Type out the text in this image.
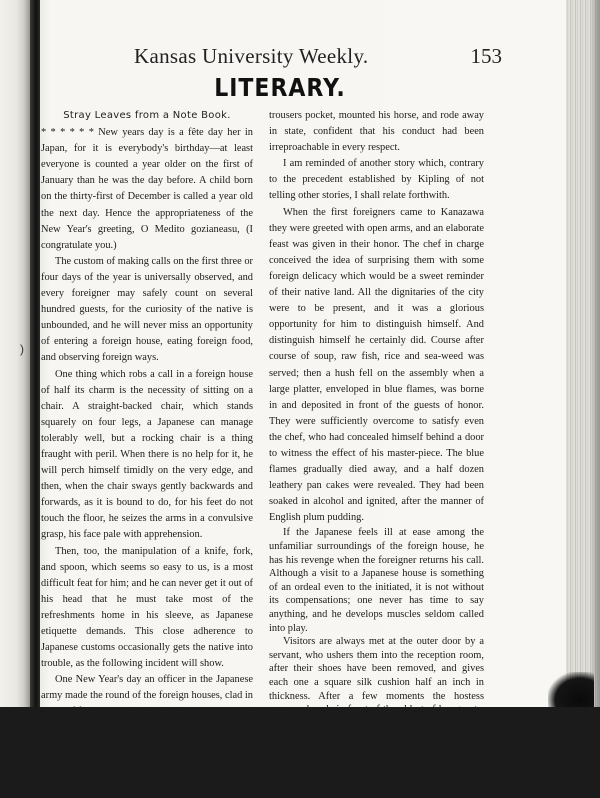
)
Kansas University Weekly.	153
LITERARY.
Stray Leaves from a Note Book.

* * * * * * New years day is a fête day her in Japan, for it is everybody's birthday—at least everyone is counted a year older on the first of January than he was the day before. A child born on the thirty-first of December is called a year old the next day. Hence the appropriateness of the New Year's greeting, O Medito gozianeasu, (I congratulate you.)

The custom of making calls on the first three or four days of the year is universally observed, and every foreigner may safely count on several hundred guests, for the curiosity of the native is unbounded, and he will never miss an opportunity of entering a foreign house, eating foreign food, and observing foreign ways.

One thing which robs a call in a foreign house of half its charm is the necessity of sitting on a chair. A straight-backed chair, which stands squarely on four legs, a Japanese can manage tolerably well, but a rocking chair is a thing fraught with peril. When there is no help for it, he will perch himself timidly on the very edge, and then, when the chair sways gently backwards and forwards, as it is bound to do, for his feet do not touch the floor, he seizes the arms in a convulsive grasp, his face pale with apprehension.

Then, too, the manipulation of a knife, fork, and spoon, which seems so easy to us, is a most difficult feat for him; and he can never get it out of his head that he must take most of the refreshments home in his sleeve, as Japanese etiquette demands. This close adherence to Japanese customs occasionally gets the native into trouble, as the following incident will show.

One New Year's day an officer in the Japanese army made the round of the foreign houses, clad in a suit of foreign clothes resplendent with gold lace and brass buttons. At one place a piece of custard pie was offered him. He accepted it with many thanks, and, after a moment's hesitation, inserted it carefully in his

trousers pocket, mounted his horse, and rode away in state, confident that his conduct had been irreproachable in every respect.

I am reminded of another story which, contrary to the precedent established by Kipling of not telling other stories, I shall relate forthwith.

When the first foreigners came to Kanazawa they were greeted with open arms, and an elaborate feast was given in their honor. The chef in charge conceived the idea of surprising them with some foreign delicacy which would be a sweet reminder of their native land. All the dignitaries of the city were to be present, and it was a glorious opportunity for him to distinguish himself. And distinguish himself he certainly did. Course after course of soup, raw fish, rice and sea-weed was served; then a hush fell on the assembly when a large platter, enveloped in blue flames, was borne in and deposited in front of the guests of honor. They were sufficiently overcome to satisfy even the chef, who had concealed himself behind a door to witness the effect of his master-piece. The blue flames gradually died away, and a half dozen leathery pan cakes were revealed. They had been soaked in alcohol and ignited, after the manner of English plum pudding.

If the Japanese feels ill at ease among the unfamiliar surroundings of the foreign house, he has his revenge when the foreigner returns his call. Although a visit to a Japanese house is something of an ordeal even to the initiated, it is not without its compensations; one never has time to say anything, and he develops muscles seldom called into play.

Visitors are always met at the outer door by a servant, who ushers them into the reception room, after their shoes have been removed, and gives each one a square silk cushion half an inch in thickness. After a few moments the hostess appears, kneels in front of the oldest of her guests, places her hands together, palms downward, on the matting, and rests her forehead on the backs of her hands. The guest is supposed to do like-wise and after a proper interval has elapsed both resume an upright posture, and the hostess passes on to the guest next in age and importance. Now it is
